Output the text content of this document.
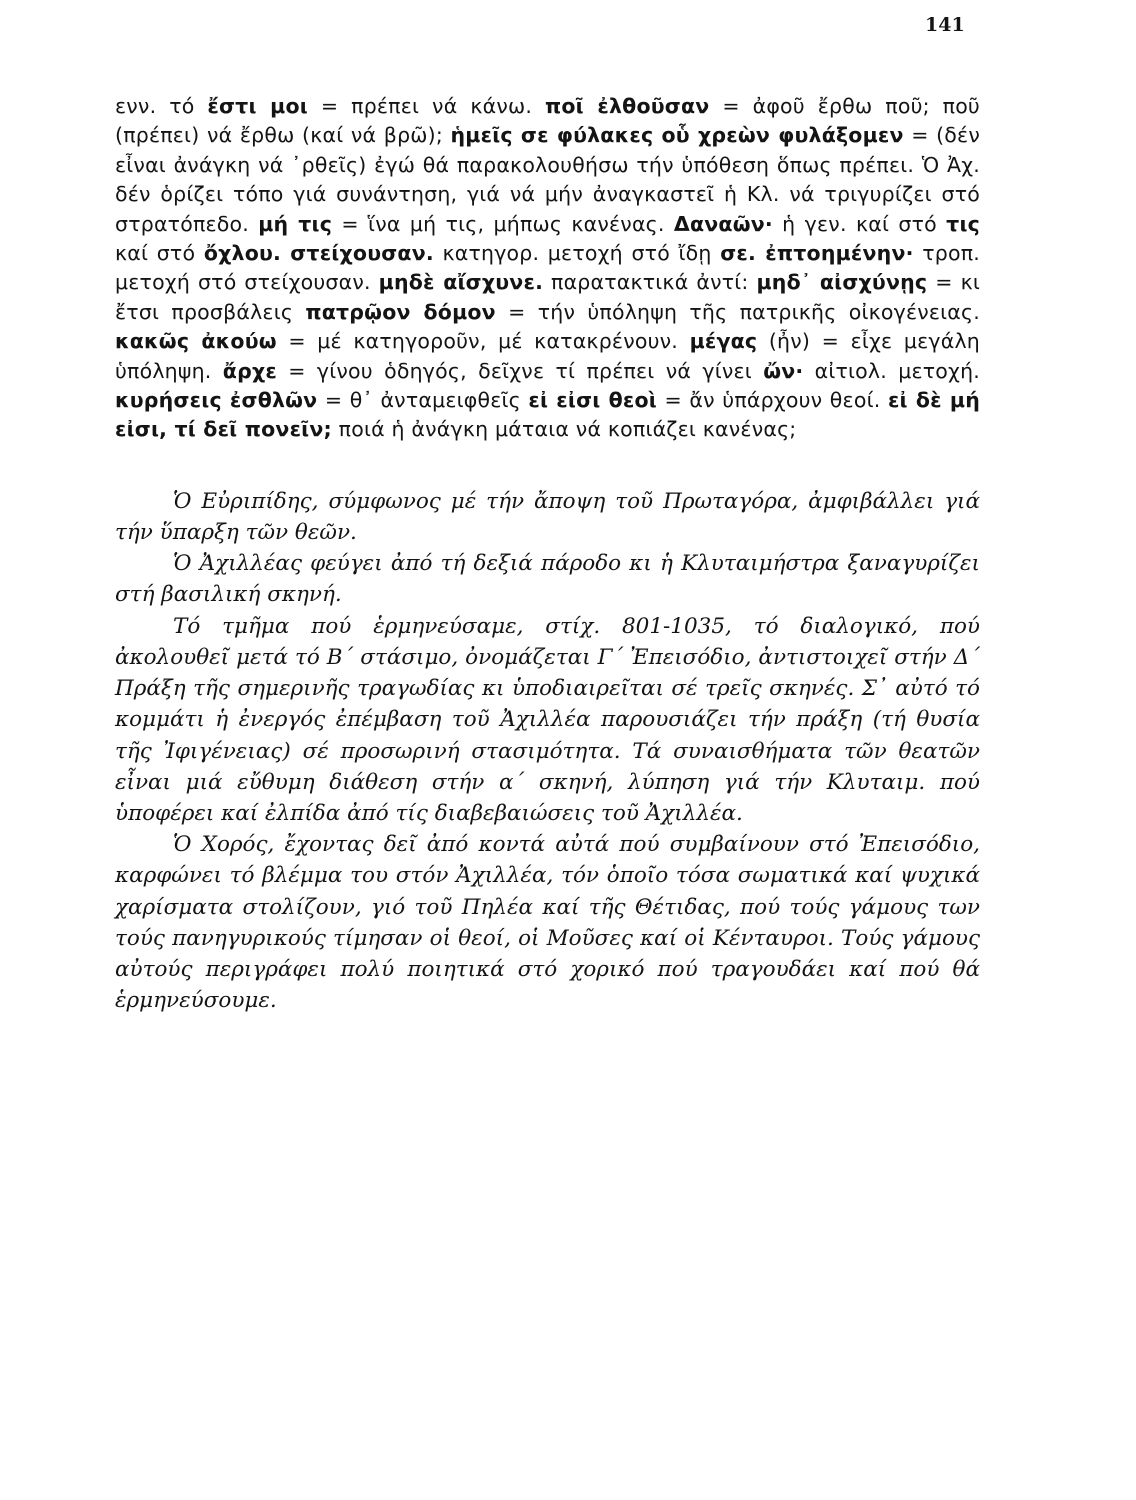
141

ενν. τό ἔστι μοι = πρέπει νά κάνω. ποῖ ἐλθοῦσαν = ἀφοῦ ἔρθω ποῦ; ποῦ (πρέπει) νά ἔρθω (καί νά βρῶ); ἡμεῖς σε φύλακες οὗ χρεὼν φυλάξομεν = (δέν εἶναι ἀνάγκη νά ᾿ρθεῖς) ἐγώ θά παρακολουθήσω τήν ὑπόθεση ὅπως πρέπει. Ὁ Ἀχ. δέν ὁρίζει τόπο γιά συνάντηση, γιά νά μήν ἀναγκαστεῖ ἡ Κλ. νά τριγυρίζει στό στρατόπεδο. μή τις = ἵνα μή τις, μήπως κανένας. Δαναῶν· ἡ γεν. καί στό τις καί στό ὄχλου. στείχουσαν. κατηγορ. μετοχή στό ἴδῃ σε. ἐπτοημένην· τροπ. μετοχή στό στείχουσαν. μηδὲ αἴσχυνε. παρατακτικά ἀντί: μηδ᾿ αἰσχύνῃς = κι ἔτσι προσβάλεις πατρῷον δόμον = τήν ὑπόληψη τῆς πατρικῆς οἰκογένειας. κακῶς ἀκούω = μέ κατηγοροῦν, μέ κατακρένουν. μέγας (ἦν) = εἶχε μεγάλη ὑπόληψη. ἄρχε = γίνου ὁδηγός, δεῖχνε τί πρέπει νά γίνει ὤν· αἰτιολ. μετοχή. κυρήσεις ἐσθλῶν = θ᾿ ἀνταμειφθεῖς εἰ εἰσι θεοὶ = ἄν ὑπάρχουν θεοί. εἰ δὲ μή εἰσι, τί δεῖ πονεῖν; ποιά ἡ ἀνάγκη μάταια νά κοπιάζει κανένας;

Ὁ Εὐριπίδης, σύμφωνος μέ τήν ἄποψη τοῦ Πρωταγόρα, ἀμφιβάλλει γιά τήν ὕπαρξη τῶν θεῶν.

Ὁ Ἀχιλλέας φεύγει ἀπό τή δεξιά πάροδο κι ἡ Κλυταιμήστρα ξαναγυρίζει στή βασιλική σκηνή.

Τό τμῆμα πού ἑρμηνεύσαμε, στίχ. 801-1035, τό διαλογικό, πού ἀκολουθεῖ μετά τό Β´ στάσιμο, ὀνομάζεται Γ´ Ἐπεισόδιο, ἀντιστοιχεῖ στήν Δ´ Πράξη τῆς σημερινῆς τραγωδίας κι ὑποδιαιρεῖται σέ τρεῖς σκηνές. Σ᾿ αὐτό τό κομμάτι ἡ ἐνεργός ἐπέμβαση τοῦ Ἀχιλλέα παρουσιάζει τήν πράξη (τή θυσία τῆς Ἰφιγένειας) σέ προσωρινή στασιμότητα. Τά συναισθήματα τῶν θεατῶν εἶναι μιά εὔθυμη διάθεση στήν α´ σκηνή, λύπηση γιά τήν Κλυταιμ. πού ὑποφέρει καί ἐλπίδα ἀπό τίς διαβεβαιώσεις τοῦ Ἀχιλλέα.

Ὁ Χορός, ἔχοντας δεῖ ἀπό κοντά αὐτά πού συμβαίνουν στό Ἐπεισόδιο, καρφώνει τό βλέμμα του στόν Ἀχιλλέα, τόν ὁποῖο τόσα σωματικά καί ψυχικά χαρίσματα στολίζουν, γιό τοῦ Πηλέα καί τῆς Θέτιδας, πού τούς γάμους των τούς πανηγυρικούς τίμησαν οἱ θεοί, οἱ Μοῦσες καί οἱ Κένταυροι. Τούς γάμους αὐτούς περιγράφει πολύ ποιητικά στό χορικό πού τραγουδάει καί πού θά ἑρμηνεύσουμε.
